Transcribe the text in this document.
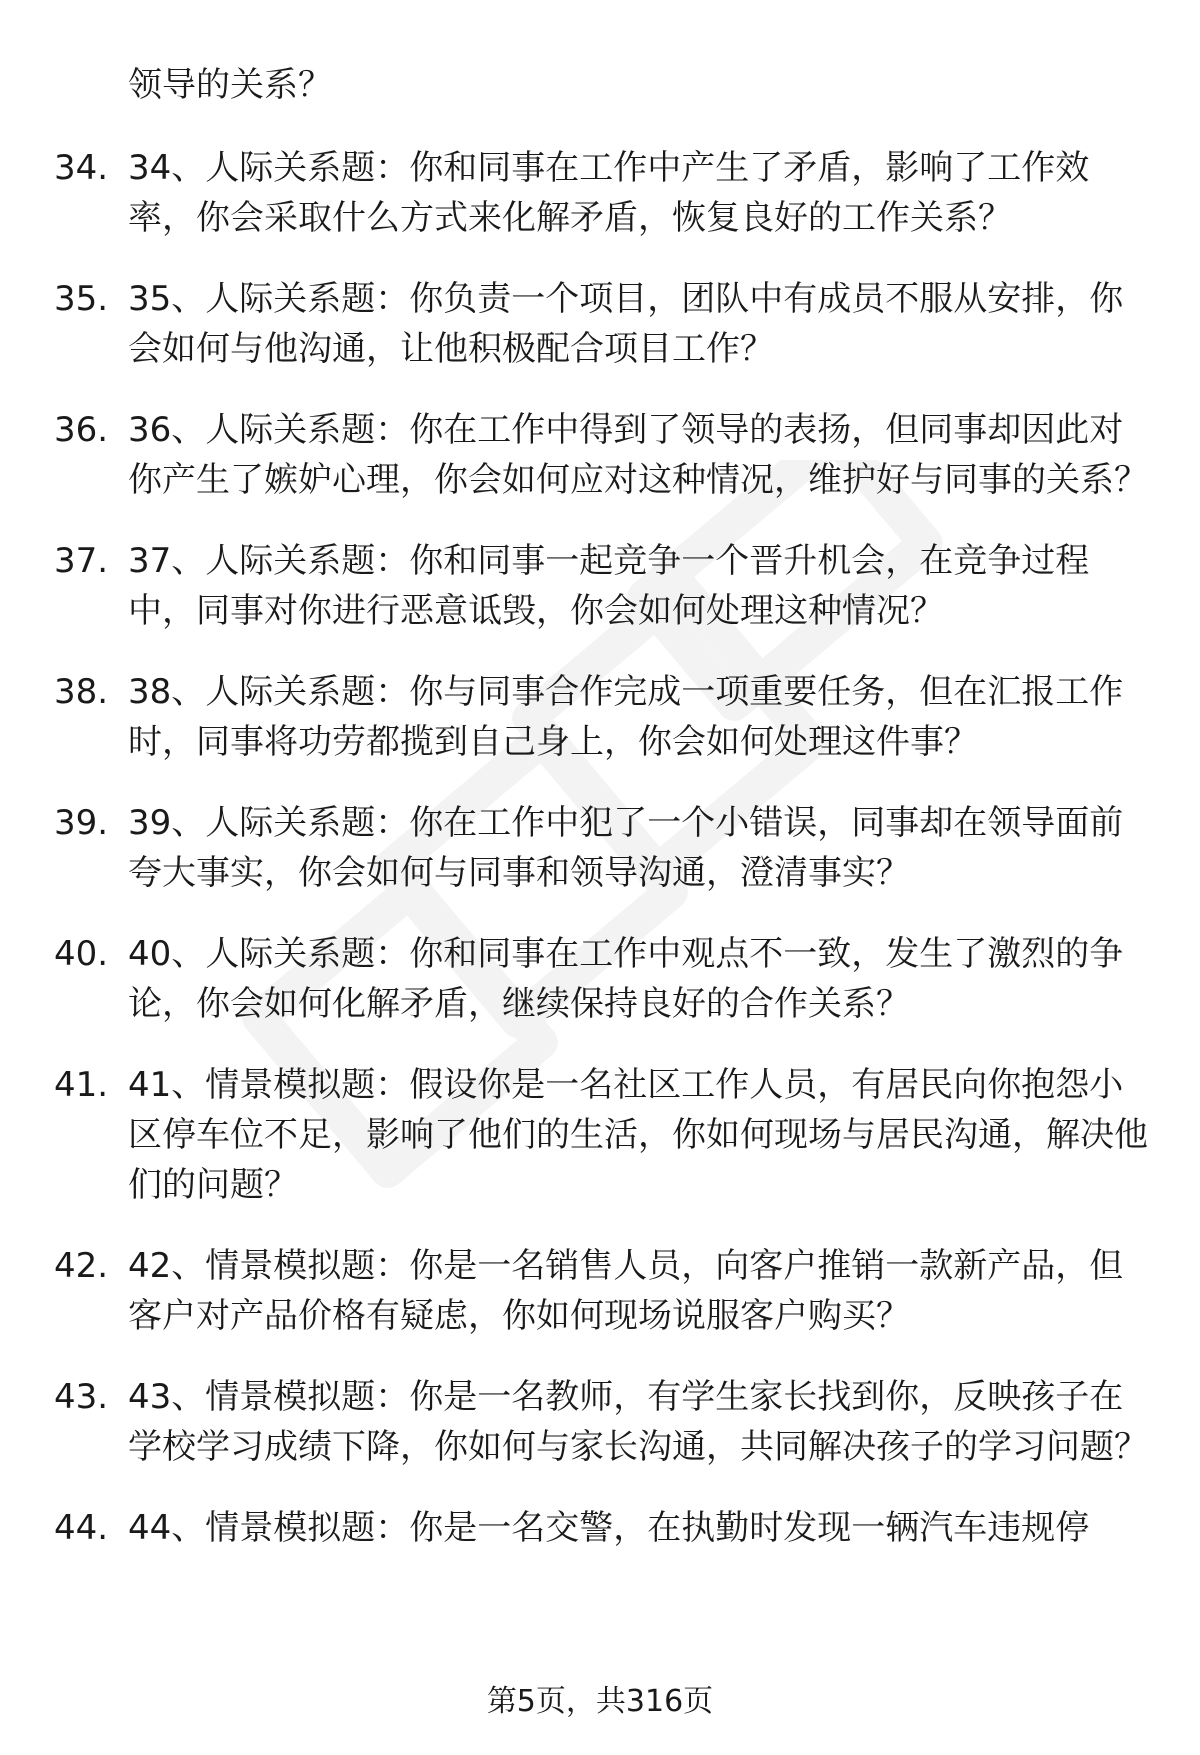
领导的关系？
34. 34、人际关系题：你和同事在工作中产生了矛盾，影响了工作效率，你会采取什么方式来化解矛盾，恢复良好的工作关系？
35. 35、人际关系题：你负责一个项目，团队中有成员不服从安排，你会如何与他沟通，让他积极配合项目工作？
36. 36、人际关系题：你在工作中得到了领导的表扬，但同事却因此对你产生了嫉妒心理，你会如何应对这种情况，维护好与同事的关系？
37. 37、人际关系题：你和同事一起竞争一个晋升机会，在竞争过程中，同事对你进行恶意诋毁，你会如何处理这种情况？
38. 38、人际关系题：你与同事合作完成一项重要任务，但在汇报工作时，同事将功劳都揽到自己身上，你会如何处理这件事？
39. 39、人际关系题：你在工作中犯了一个小错误，同事却在领导面前夸大事实，你会如何与同事和领导沟通，澄清事实？
40. 40、人际关系题：你和同事在工作中观点不一致，发生了激烈的争论，你会如何化解矛盾，继续保持良好的合作关系？
41. 41、情景模拟题：假设你是一名社区工作人员，有居民向你抱怨小区停车位不足，影响了他们的生活，你如何现场与居民沟通，解决他们的问题？
42. 42、情景模拟题：你是一名销售人员，向客户推销一款新产品，但客户对产品价格有疑虑，你如何现场说服客户购买？
43. 43、情景模拟题：你是一名教师，有学生家长找到你，反映孩子在学校学习成绩下降，你如何与家长沟通，共同解决孩子的学习问题？
44. 44、情景模拟题：你是一名交警，在执勤时发现一辆汽车违规停
第5页，共316页
